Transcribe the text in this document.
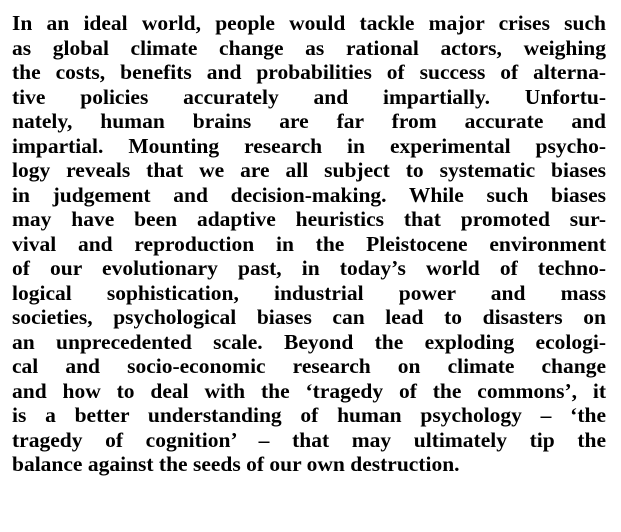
In an ideal world, people would tackle major crises such
as global climate change as rational actors, weighing
the costs, benefits and probabilities of success of alterna-
tive policies accurately and impartially. Unfortu-
nately, human brains are far from accurate and
impartial. Mounting research in experimental psycho-
logy reveals that we are all subject to systematic biases
in judgement and decision-making. While such biases
may have been adaptive heuristics that promoted sur-
vival and reproduction in the Pleistocene environment
of our evolutionary past, in today’s world of techno-
logical sophistication, industrial power and mass
societies, psychological biases can lead to disasters on
an unprecedented scale. Beyond the exploding ecologi-
cal and socio-economic research on climate change
and how to deal with the ‘tragedy of the commons’, it
is a better understanding of human psychology – ‘the
tragedy of cognition’ – that may ultimately tip the
balance against the seeds of our own destruction.
